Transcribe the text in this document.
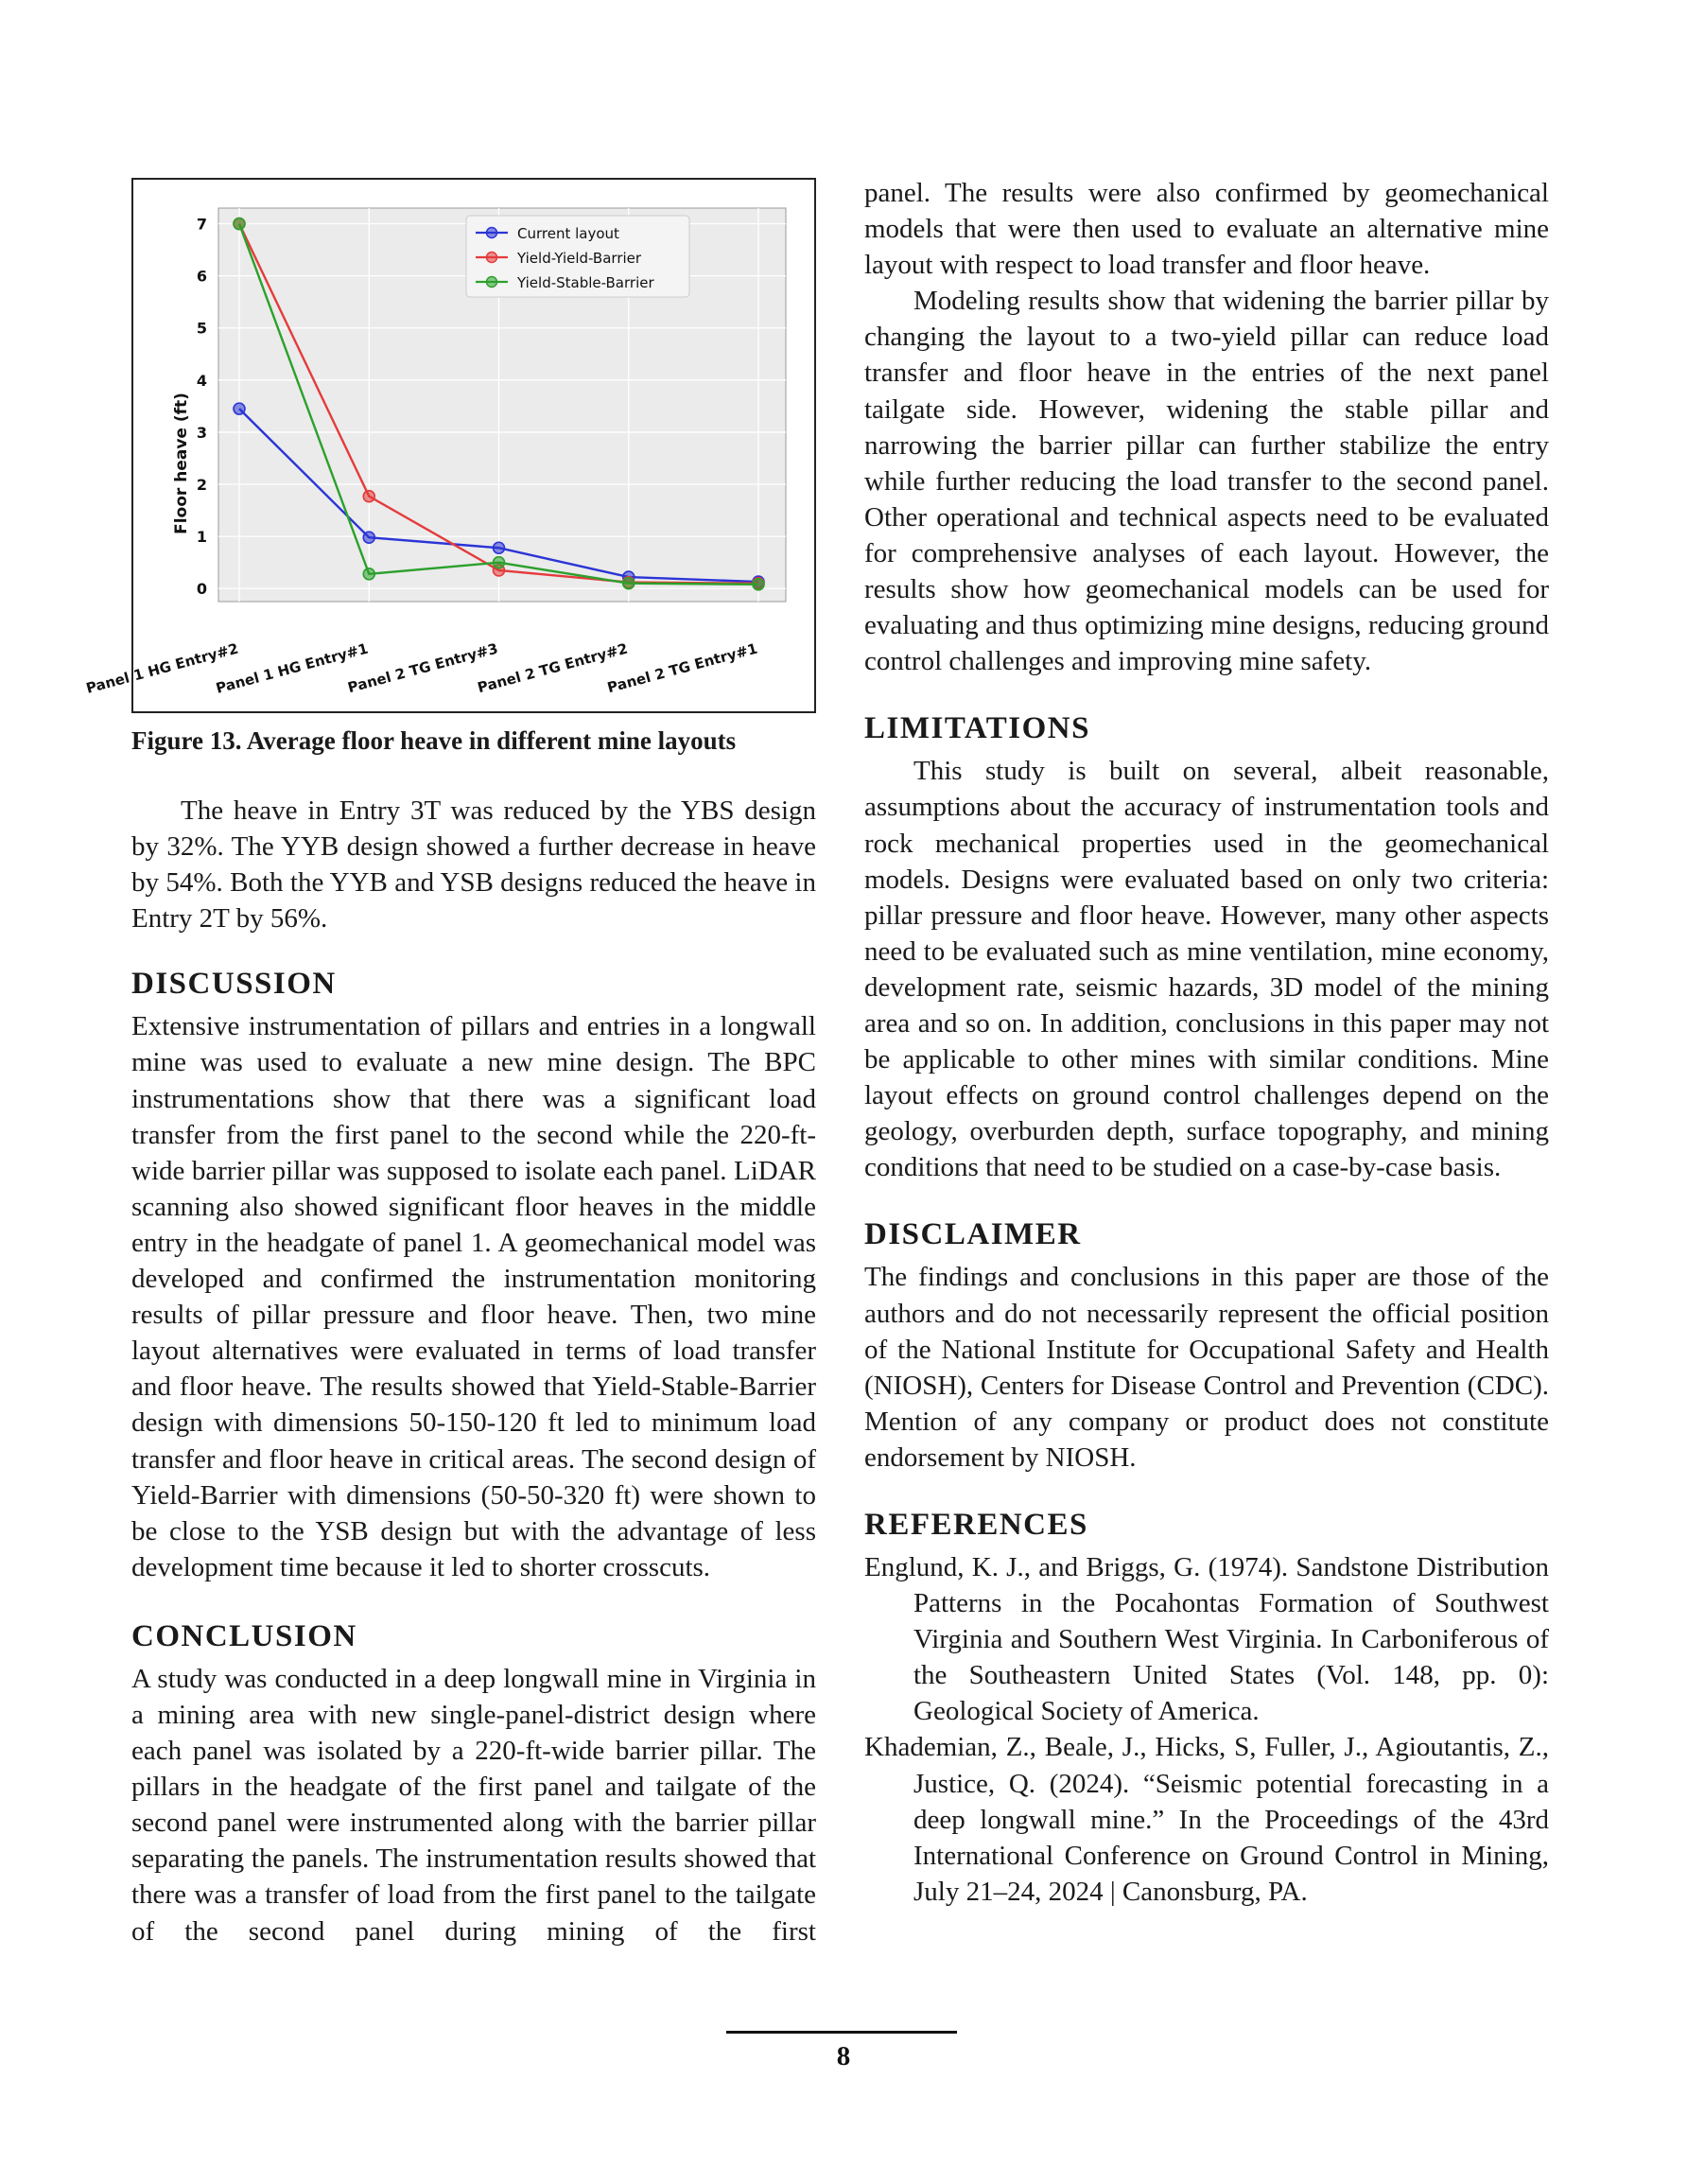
0
1
2
3
4
5
6
7
Panel 1 HG Entry#2
Panel 1 HG Entry#1
Panel 2 TG Entry#3
Panel 2 TG Entry#2
Panel 2 TG Entry#1
Current layout
Yield-Yield-Barrier
Yield-Stable-Barrier
Floor heave (ft)
Figure 13. Average floor heave in different mine layouts

The heave in Entry 3T was reduced by the YBS design by 32%. The YYB design showed a further decrease in heave by 54%. Both the YYB and YSB designs reduced the heave in Entry 2T by 56%.

DISCUSSION

Extensive instrumentation of pillars and entries in a longwall mine was used to evaluate a new mine design. The BPC instrumentations show that there was a significant load transfer from the first panel to the second while the 220-ft-wide barrier pillar was supposed to isolate each panel. LiDAR scanning also showed significant floor heaves in the middle entry in the headgate of panel 1. A geomechanical model was developed and confirmed the instrumentation monitoring results of pillar pressure and floor heave. Then, two mine layout alternatives were evaluated in terms of load transfer and floor heave. The results showed that Yield-Stable-Barrier design with dimensions 50-150-120 ft led to minimum load transfer and floor heave in critical areas. The second design of Yield-Barrier with dimensions (50-50-320 ft) were shown to be close to the YSB design but with the advantage of less development time because it led to shorter crosscuts.

CONCLUSION

A study was conducted in a deep longwall mine in Virginia in a mining area with new single-panel-district design where each panel was isolated by a 220-ft-wide barrier pillar. The pillars in the headgate of the first panel and tailgate of the second panel were instrumented along with the barrier pillar separating the panels. The instrumentation results showed that there was a transfer of load from the first panel to the tailgate of the second panel during mining of the first

panel. The results were also confirmed by geomechanical models that were then used to evaluate an alternative mine layout with respect to load transfer and floor heave.

Modeling results show that widening the barrier pillar by changing the layout to a two-yield pillar can reduce load transfer and floor heave in the entries of the next panel tailgate side. However, widening the stable pillar and narrowing the barrier pillar can further stabilize the entry while further reducing the load transfer to the second panel. Other operational and technical aspects need to be evaluated for comprehensive analyses of each layout. However, the results show how geomechanical models can be used for evaluating and thus optimizing mine designs, reducing ground control challenges and improving mine safety.

LIMITATIONS

This study is built on several, albeit reasonable, assumptions about the accuracy of instrumentation tools and rock mechanical properties used in the geomechanical models. Designs were evaluated based on only two criteria: pillar pressure and floor heave. However, many other aspects need to be evaluated such as mine ventilation, mine economy, development rate, seismic hazards, 3D model of the mining area and so on. In addition, conclusions in this paper may not be applicable to other mines with similar conditions. Mine layout effects on ground control challenges depend on the geology, overburden depth, surface topography, and mining conditions that need to be studied on a case-by-case basis.

DISCLAIMER

The findings and conclusions in this paper are those of the authors and do not necessarily represent the official position of the National Institute for Occupational Safety and Health (NIOSH), Centers for Disease Control and Prevention (CDC). Mention of any company or product does not constitute endorsement by NIOSH.

REFERENCES

Englund, K. J., and Briggs, G. (1974). Sandstone Distribution Patterns in the Pocahontas Formation of Southwest Virginia and Southern West Virginia. In Carboniferous of the Southeastern United States (Vol. 148, pp. 0): Geological Society of America.

Khademian, Z., Beale, J., Hicks, S, Fuller, J., Agioutantis, Z., Justice, Q. (2024). “Seismic potential forecasting in a deep longwall mine.” In the Proceedings of the 43rd International Conference on Ground Control in Mining, July 21–24, 2024 | Canonsburg, PA.

8
